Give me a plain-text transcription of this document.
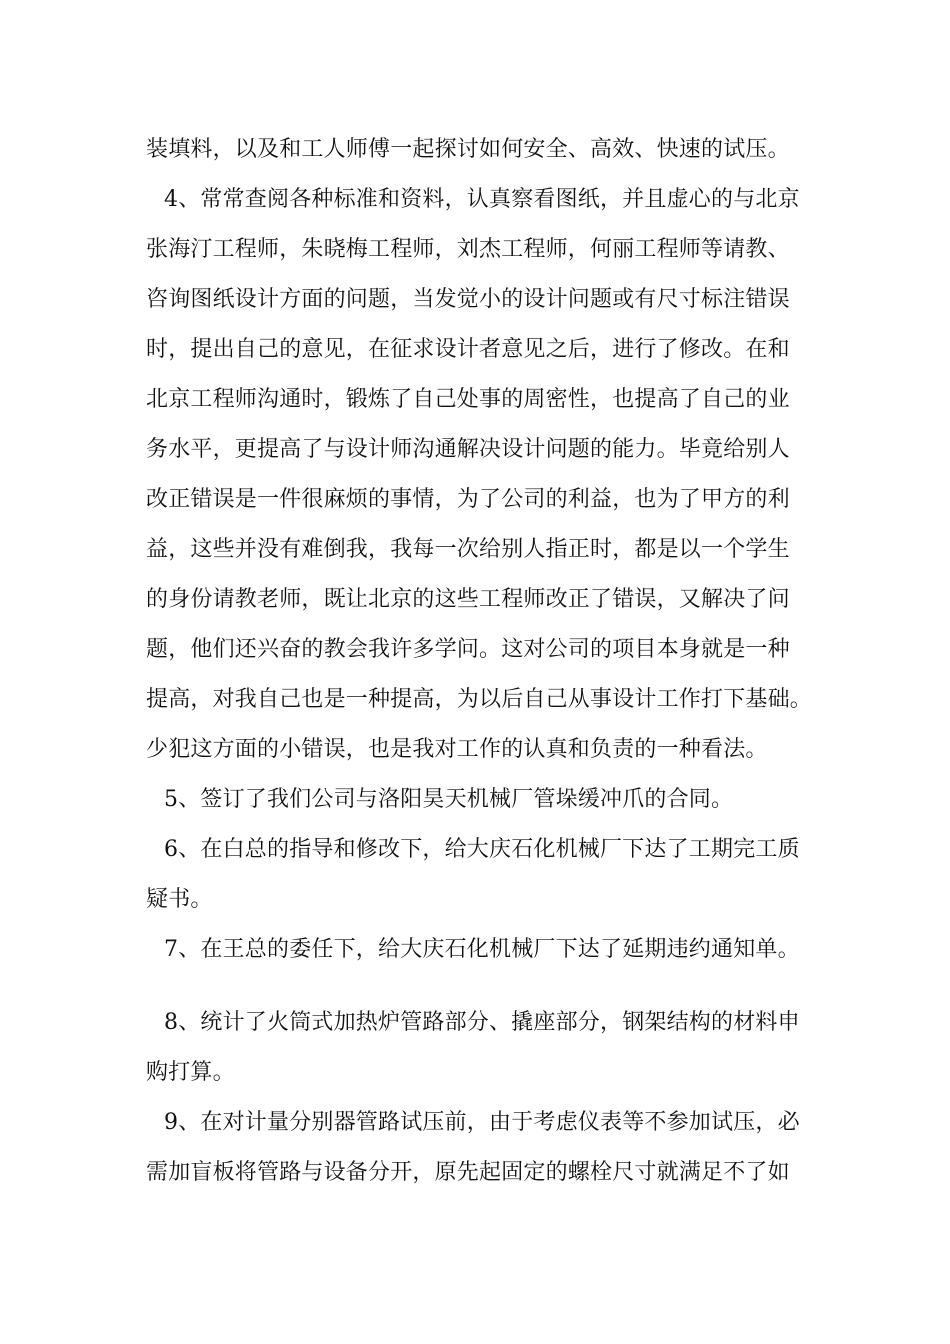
装填料，以及和工人师傅一起探讨如何安全、高效、快速的试压。
4、常常查阅各种标准和资料，认真察看图纸，并且虚心的与北京
张海汀工程师，朱晓梅工程师，刘杰工程师，何丽工程师等请教、
咨询图纸设计方面的问题，当发觉小的设计问题或有尺寸标注错误
时，提出自己的意见，在征求设计者意见之后，进行了修改。在和
北京工程师沟通时，锻炼了自己处事的周密性，也提高了自己的业
务水平，更提高了与设计师沟通解决设计问题的能力。毕竟给别人
改正错误是一件很麻烦的事情，为了公司的利益，也为了甲方的利
益，这些并没有难倒我，我每一次给别人指正时，都是以一个学生
的身份请教老师，既让北京的这些工程师改正了错误，又解决了问
题，他们还兴奋的教会我许多学问。这对公司的项目本身就是一种
提高，对我自己也是一种提高，为以后自己从事设计工作打下基础。
少犯这方面的小错误，也是我对工作的认真和负责的一种看法。
5、签订了我们公司与洛阳昊天机械厂管垛缓冲爪的合同。
6、在白总的指导和修改下，给大庆石化机械厂下达了工期完工质
疑书。
7、在王总的委任下，给大庆石化机械厂下达了延期违约通知单。
8、统计了火筒式加热炉管路部分、撬座部分，钢架结构的材料申
购打算。
9、在对计量分别器管路试压前，由于考虑仪表等不参加试压，必
需加盲板将管路与设备分开，原先起固定的螺栓尺寸就满足不了如
